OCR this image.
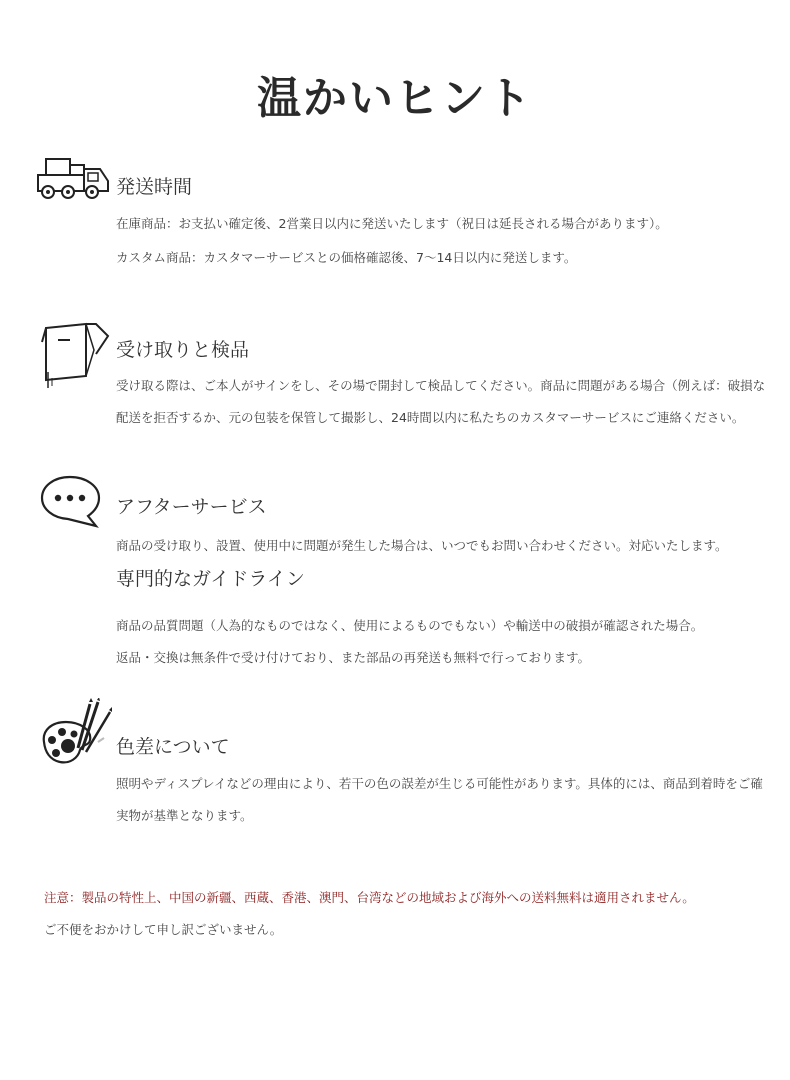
温かいヒント
発送時間
在庫商品：お支払い確定後、2営業日以内に発送いたします（祝日は延長される場合があります）。
カスタム商品：カスタマーサービスとの価格確認後、7〜14日以内に発送します。
受け取りと検品
受け取る際は、ご本人がサインをし、その場で開封して検品してください。商品に問題がある場合（例えば：破損な
配送を拒否するか、元の包装を保管して撮影し、24時間以内に私たちのカスタマーサービスにご連絡ください。
アフターサービス
商品の受け取り、設置、使用中に問題が発生した場合は、いつでもお問い合わせください。対応いたします。
専門的なガイドライン
商品の品質問題（人為的なものではなく、使用によるものでもない）や輸送中の破損が確認された場合。
返品・交換は無条件で受け付けており、また部品の再発送も無料で行っております。
色差について
照明やディスプレイなどの理由により、若干の色の誤差が生じる可能性があります。具体的には、商品到着時をご確
実物が基準となります。
注意：製品の特性上、中国の新疆、西蔵、香港、澳門、台湾などの地域および海外への送料無料は適用されません。
ご不便をおかけして申し訳ございません。
